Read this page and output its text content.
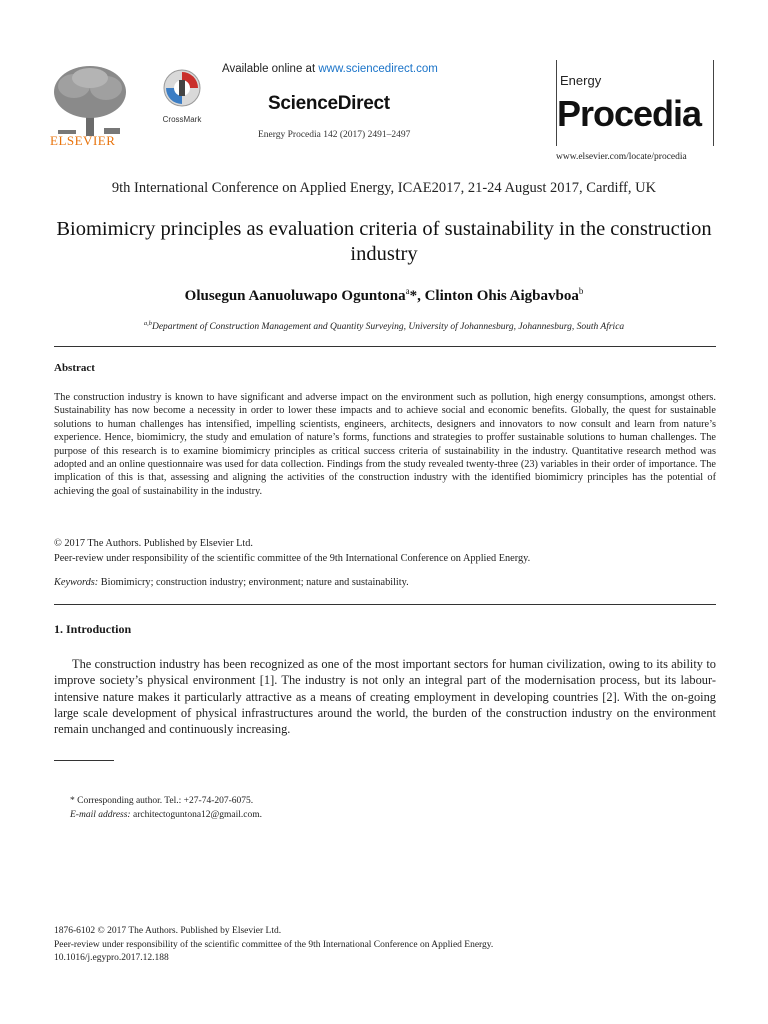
ELSEVIER
CrossMark
Available online at www.sciencedirect.com
ScienceDirect
Energy Procedia 142 (2017) 2491–2497
Energy
Procedia
www.elsevier.com/locate/procedia
9th International Conference on Applied Energy, ICAE2017, 21-24 August 2017, Cardiff, UK
Biomimicry principles as evaluation criteria of sustainability in the construction industry
Olusegun Aanuoluwapo Oguntona$^a$*, Clinton Ohis Aigbavboa$^b$
$^{a,b}$Department of Construction Management and Quantity Surveying, University of Johannesburg, Johannesburg, South Africa
Abstract
The construction industry is known to have significant and adverse impact on the environment such as pollution, high energy consumptions, amongst others. Sustainability has now become a necessity in order to lower these impacts and to achieve social and economic benefits. Globally, the quest for sustainable solutions to human challenges has intensified, impelling scientists, engineers, architects, designers and innovators to now consult and learn from nature’s experience. Hence, biomimicry, the study and emulation of nature’s forms, functions and strategies to proffer sustainable solutions to human challenges. The purpose of this research is to examine biomimicry principles as critical success criteria of sustainability in the industry. Quantitative research method was adopted and an online questionnaire was used for data collection. Findings from the study revealed twenty-three (23) variables in their order of importance. The implication of this is that, assessing and aligning the activities of the construction industry with the identified biomimicry principles has the potential of achieving the goal of sustainability in the industry.
© 2017 The Authors. Published by Elsevier Ltd.
Peer-review under responsibility of the scientific committee of the 9th International Conference on Applied Energy.
Keywords: Biomimicry; construction industry; environment; nature and sustainability.
1. Introduction
The construction industry has been recognized as one of the most important sectors for human civilization, owing to its ability to improve society’s physical environment [1]. The industry is not only an integral part of the modernisation process, but its labour-intensive nature makes it particularly attractive as a means of creating employment in developing countries [2]. With the on-going large scale development of physical infrastructures around the world, the burden of the construction industry on the environment remain unchanged and continuously increasing.
* Corresponding author. Tel.: +27-74-207-6075.
E-mail address: architectoguntona12@gmail.com.
1876-6102 © 2017 The Authors. Published by Elsevier Ltd.
Peer-review under responsibility of the scientific committee of the 9th International Conference on Applied Energy.
10.1016/j.egypro.2017.12.188
